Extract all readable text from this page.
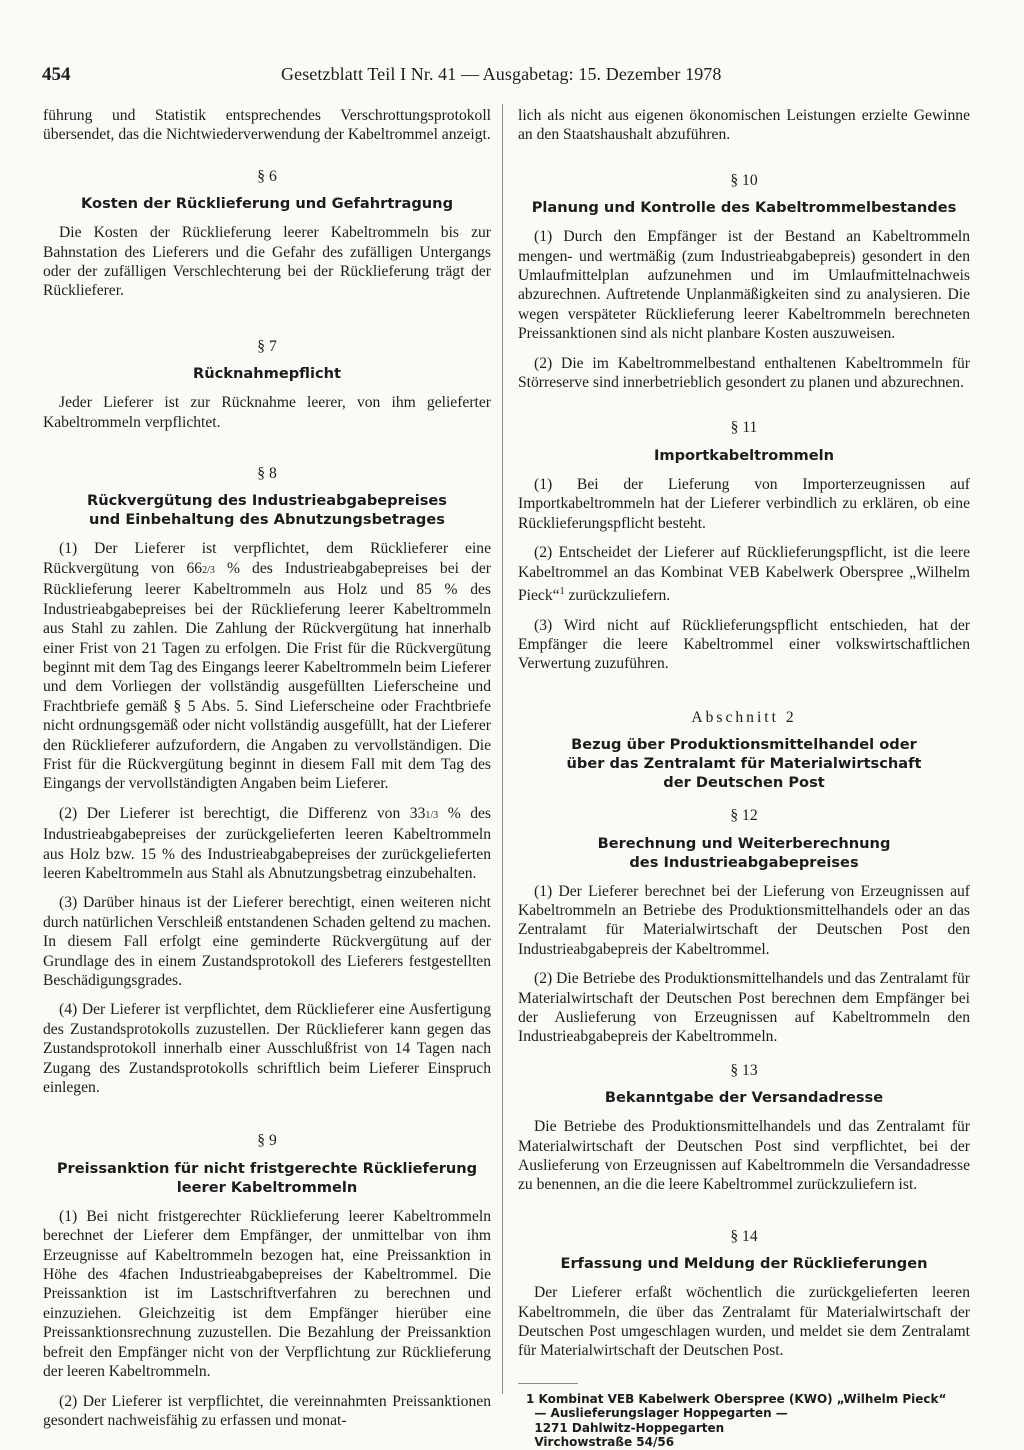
454	Gesetzblatt Teil I Nr. 41 — Ausgabetag: 15. Dezember 1978

führung und Statistik entsprechendes Verschrottungsprotokoll übersendet, das die Nichtwiederverwendung der Kabeltrommel anzeigt.

§ 6
Kosten der Rücklieferung und Gefahrtragung

Die Kosten der Rücklieferung leerer Kabeltrommeln bis zur Bahnstation des Lieferers und die Gefahr des zufälligen Untergangs oder der zufälligen Verschlechterung bei der Rücklieferung trägt der Rücklieferer.

§ 7
Rücknahmepflicht

Jeder Lieferer ist zur Rücknahme leerer, von ihm gelieferter Kabeltrommeln verpflichtet.

§ 8
Rückvergütung des Industrieabgabepreises
und Einbehaltung des Abnutzungsbetrages

(1) Der Lieferer ist verpflichtet, dem Rücklieferer eine Rückvergütung von 662/3 % des Industrieabgabepreises bei der Rücklieferung leerer Kabeltrommeln aus Holz und 85 % des Industrieabgabepreises bei der Rücklieferung leerer Kabeltrommeln aus Stahl zu zahlen. Die Zahlung der Rückvergütung hat innerhalb einer Frist von 21 Tagen zu erfolgen. Die Frist für die Rückvergütung beginnt mit dem Tag des Eingangs leerer Kabeltrommeln beim Lieferer und dem Vorliegen der vollständig ausgefüllten Lieferscheine und Frachtbriefe gemäß § 5 Abs. 5. Sind Lieferscheine oder Frachtbriefe nicht ordnungsgemäß oder nicht vollständig ausgefüllt, hat der Lieferer den Rücklieferer aufzufordern, die Angaben zu vervollständigen. Die Frist für die Rückvergütung beginnt in diesem Fall mit dem Tag des Eingangs der vervollständigten Angaben beim Lieferer.

(2) Der Lieferer ist berechtigt, die Differenz von 331/3 % des Industrieabgabepreises der zurückgelieferten leeren Kabeltrommeln aus Holz bzw. 15 % des Industrieabgabepreises der zurückgelieferten leeren Kabeltrommeln aus Stahl als Abnutzungsbetrag einzubehalten.

(3) Darüber hinaus ist der Lieferer berechtigt, einen weiteren nicht durch natürlichen Verschleiß entstandenen Schaden geltend zu machen. In diesem Fall erfolgt eine geminderte Rückvergütung auf der Grundlage des in einem Zustandsprotokoll des Lieferers festgestellten Beschädigungsgrades.

(4) Der Lieferer ist verpflichtet, dem Rücklieferer eine Ausfertigung des Zustandsprotokolls zuzustellen. Der Rücklieferer kann gegen das Zustandsprotokoll innerhalb einer Ausschlußfrist von 14 Tagen nach Zugang des Zustandsprotokolls schriftlich beim Lieferer Einspruch einlegen.

§ 9
Preissanktion für nicht fristgerechte Rücklieferung
leerer Kabeltrommeln

(1) Bei nicht fristgerechter Rücklieferung leerer Kabeltrommeln berechnet der Lieferer dem Empfänger, der unmittelbar von ihm Erzeugnisse auf Kabeltrommeln bezogen hat, eine Preissanktion in Höhe des 4fachen Industrieabgabepreises der Kabeltrommel. Die Preissanktion ist im Lastschriftverfahren zu berechnen und einzuziehen. Gleichzeitig ist dem Empfänger hierüber eine Preissanktionsrechnung zuzustellen. Die Bezahlung der Preissanktion befreit den Empfänger nicht von der Verpflichtung zur Rücklieferung der leeren Kabeltrommeln.

(2) Der Lieferer ist verpflichtet, die vereinnahmten Preissanktionen gesondert nachweisfähig zu erfassen und monat-

lich als nicht aus eigenen ökonomischen Leistungen erzielte Gewinne an den Staatshaushalt abzuführen.

§ 10
Planung und Kontrolle des Kabeltrommelbestandes

(1) Durch den Empfänger ist der Bestand an Kabeltrommeln mengen- und wertmäßig (zum Industrieabgabepreis) gesondert in den Umlaufmittelplan aufzunehmen und im Umlaufmittelnachweis abzurechnen. Auftretende Unplanmäßigkeiten sind zu analysieren. Die wegen verspäteter Rücklieferung leerer Kabeltrommeln berechneten Preissanktionen sind als nicht planbare Kosten auszuweisen.

(2) Die im Kabeltrommelbestand enthaltenen Kabeltrommeln für Störreserve sind innerbetrieblich gesondert zu planen und abzurechnen.

§ 11
Importkabeltrommeln

(1) Bei der Lieferung von Importerzeugnissen auf Importkabeltrommeln hat der Lieferer verbindlich zu erklären, ob eine Rücklieferungspflicht besteht.

(2) Entscheidet der Lieferer auf Rücklieferungspflicht, ist die leere Kabeltrommel an das Kombinat VEB Kabelwerk Oberspree „Wilhelm Pieck“$^1$ zurückzuliefern.

(3) Wird nicht auf Rücklieferungspflicht entschieden, hat der Empfänger die leere Kabeltrommel einer volkswirtschaftlichen Verwertung zuzuführen.

Abschnitt 2
Bezug über Produktionsmittelhandel oder
über das Zentralamt für Materialwirtschaft
der Deutschen Post
§ 12
Berechnung und Weiterberechnung
des Industrieabgabepreises

(1) Der Lieferer berechnet bei der Lieferung von Erzeugnissen auf Kabeltrommeln an Betriebe des Produktionsmittelhandels oder an das Zentralamt für Materialwirtschaft der Deutschen Post den Industrieabgabepreis der Kabeltrommel.

(2) Die Betriebe des Produktionsmittelhandels und das Zentralamt für Materialwirtschaft der Deutschen Post berechnen dem Empfänger bei der Auslieferung von Erzeugnissen auf Kabeltrommeln den Industrieabgabepreis der Kabeltrommeln.

§ 13
Bekanntgabe der Versandadresse

Die Betriebe des Produktionsmittelhandels und das Zentralamt für Materialwirtschaft der Deutschen Post sind verpflichtet, bei der Auslieferung von Erzeugnissen auf Kabeltrommeln die Versandadresse zu benennen, an die die leere Kabeltrommel zurückzuliefern ist.

§ 14
Erfassung und Meldung der Rücklieferungen

Der Lieferer erfaßt wöchentlich die zurückgelieferten leeren Kabeltrommeln, die über das Zentralamt für Materialwirtschaft der Deutschen Post umgeschlagen wurden, und meldet sie dem Zentralamt für Materialwirtschaft der Deutschen Post.

1 Kombinat VEB Kabelwerk Oberspree (KWO) „Wilhelm Pieck“
— Auslieferungslager Hoppegarten —
1271 Dahlwitz-Hoppegarten
Virchowstraße 54/56
